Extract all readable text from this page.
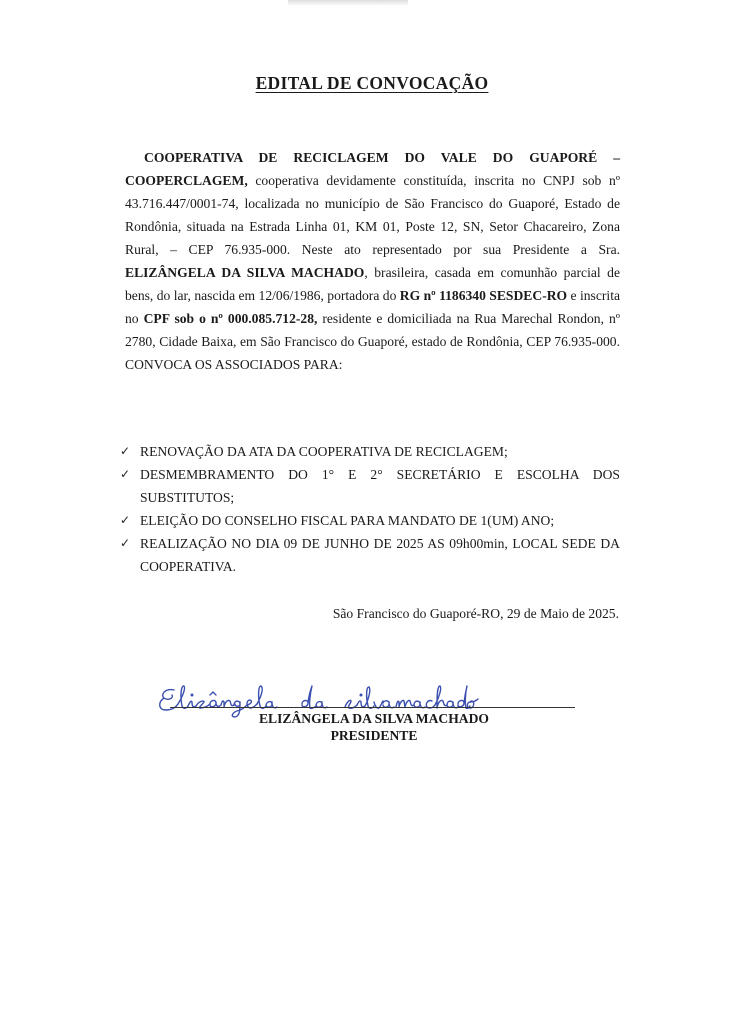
EDITAL DE CONVOCAÇÃO

COOPERATIVA DE RECICLAGEM DO VALE DO GUAPORÉ – COOPERCLAGEM, cooperativa devidamente constituída, inscrita no CNPJ sob nº 43.716.447/0001-74, localizada no município de São Francisco do Guaporé, Estado de Rondônia, situada na Estrada Linha 01, KM 01, Poste 12, SN, Setor Chacareiro, Zona Rural, – CEP 76.935-000. Neste ato representado por sua Presidente a Sra. ELIZÂNGELA DA SILVA MACHADO, brasileira, casada em comunhão parcial de bens, do lar, nascida em 12/06/1986, portadora do RG nº 1186340 SESDEC-RO e inscrita no CPF sob o nº 000.085.712-28, residente e domiciliada na Rua Marechal Rondon, nº 2780, Cidade Baixa, em São Francisco do Guaporé, estado de Rondônia, CEP 76.935-000. CONVOCA OS ASSOCIADOS PARA:

✓ RENOVAÇÃO DA ATA DA COOPERATIVA DE RECICLAGEM;
✓ DESMEMBRAMENTO DO 1° E 2° SECRETÁRIO E ESCOLHA DOS SUBSTITUTOS;
✓ ELEIÇÃO DO CONSELHO FISCAL PARA MANDATO DE 1(UM) ANO;
✓ REALIZAÇÃO NO DIA 09 DE JUNHO DE 2025 AS 09h00min, LOCAL SEDE DA COOPERATIVA.
São Francisco do Guaporé-RO, 29 de Maio de 2025.
ELIZÂNGELA DA SILVA MACHADO
PRESIDENTE
